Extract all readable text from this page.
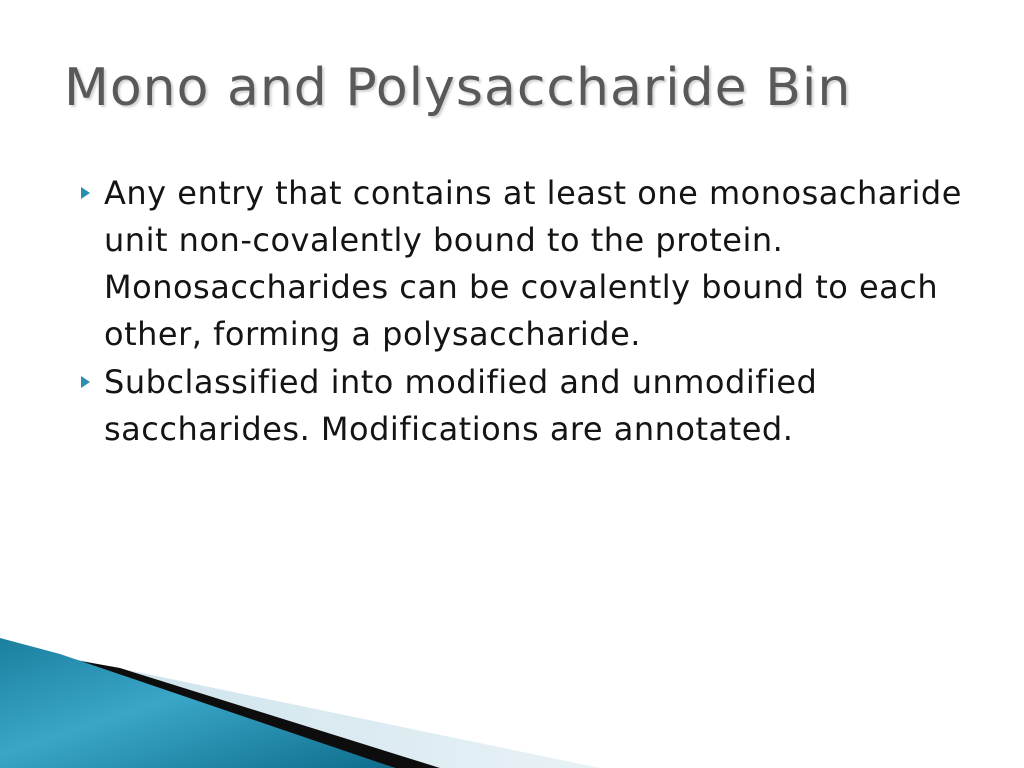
Mono and Polysaccharide Bin
Any entry that contains at least one monosacharide unit non-covalently bound to the protein. Monosaccharides can be covalently bound to each other, forming a polysaccharide.
Subclassified into modified and unmodified saccharides. Modifications are annotated.
